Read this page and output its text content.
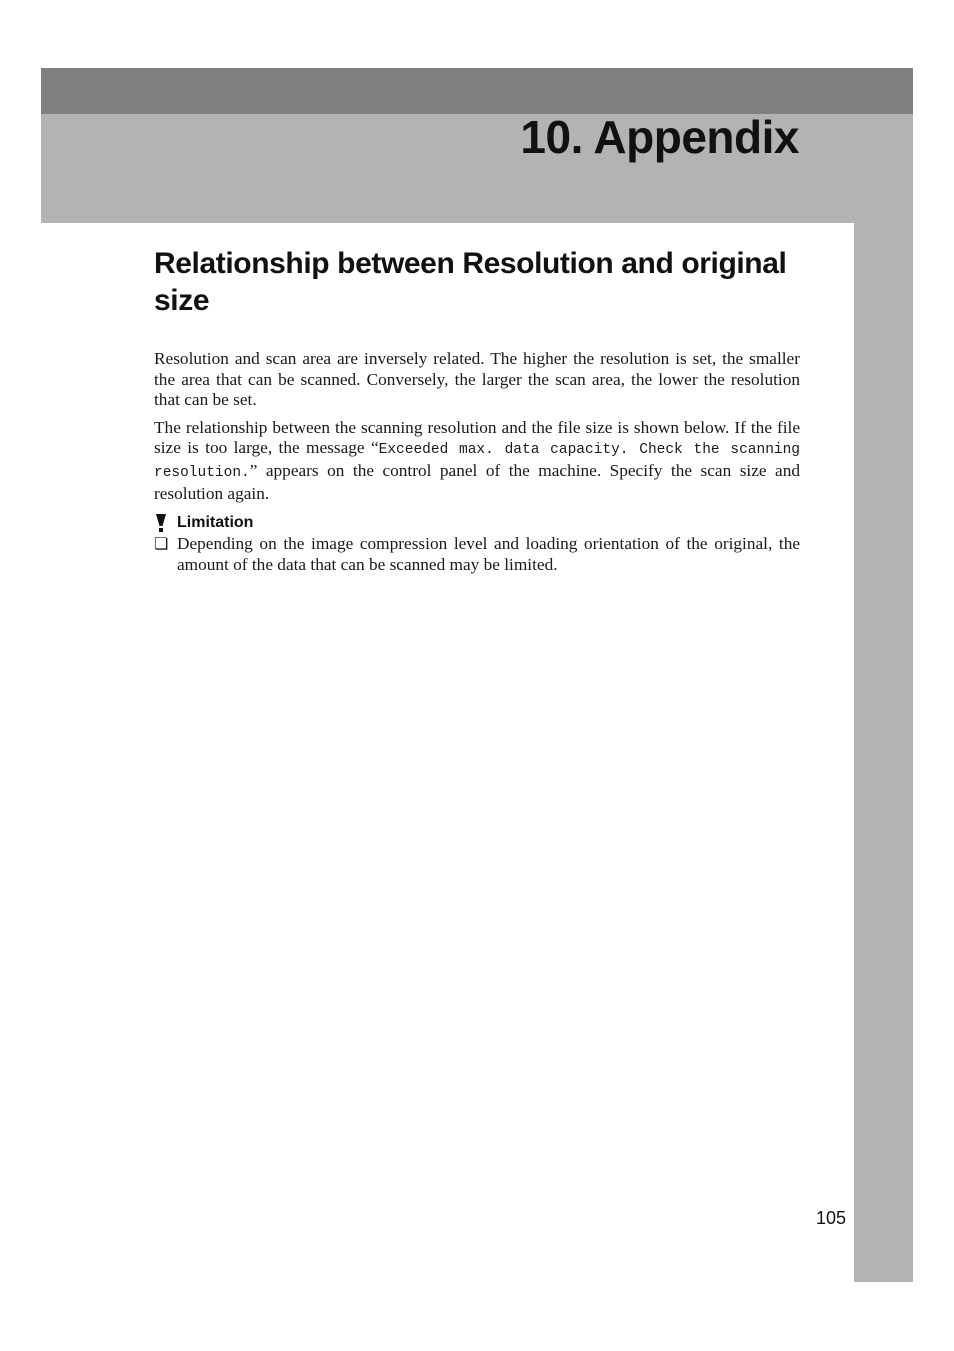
10. Appendix
Relationship between Resolution and original size

Resolution and scan area are inversely related. The higher the resolution is set, the smaller the area that can be scanned. Conversely, the larger the scan area, the lower the resolution that can be set.

The relationship between the scanning resolution and the file size is shown below. If the file size is too large, the message “Exceeded max. data capacity. Check the scanning resolution.” appears on the control panel of the machine. Specify the scan size and resolution again.

Limitation
❏ Depending on the image compression level and loading orientation of the original, the amount of the data that can be scanned may be limited.
105
